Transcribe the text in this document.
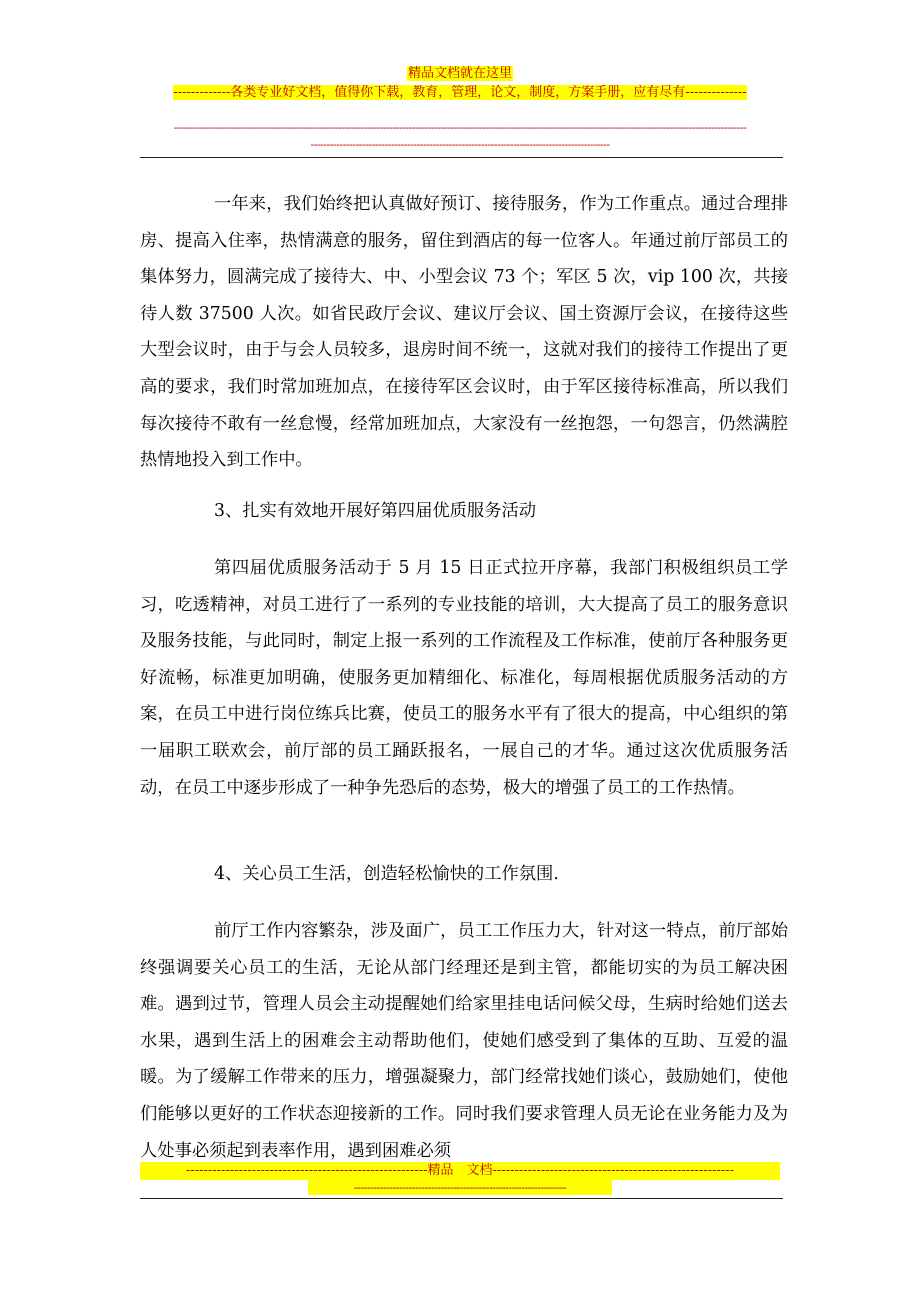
精品文档就在这里
-------------各类专业好文档，值得你下载，教育，管理，论文，制度，方案手册，应有尽有--------------
----------------------------------------------------------------------------------------------------------------------------------------------------------------------------------
---------------------------------------------------------------------------------------------

一年来，我们始终把认真做好预订、接待服务，作为工作重点。通过合理排房、提高入住率，热情满意的服务，留住到酒店的每一位客人。年通过前厅部员工的集体努力，圆满完成了接待大、中、小型会议 73 个；军区 5 次，vip 100 次，共接待人数 37500 人次。如省民政厅会议、建议厅会议、国土资源厅会议，在接待这些大型会议时，由于与会人员较多，退房时间不统一，这就对我们的接待工作提出了更高的要求，我们时常加班加点，在接待军区会议时，由于军区接待标准高，所以我们每次接待不敢有一丝怠慢，经常加班加点，大家没有一丝抱怨，一句怨言，仍然满腔热情地投入到工作中。

3、扎实有效地开展好第四届优质服务活动

第四届优质服务活动于 5 月 15 日正式拉开序幕，我部门积极组织员工学习，吃透精神，对员工进行了一系列的专业技能的培训，大大提高了员工的服务意识及服务技能，与此同时，制定上报一系列的工作流程及工作标准，使前厅各种服务更好流畅，标准更加明确，使服务更加精细化、标准化，每周根据优质服务活动的方案，在员工中进行岗位练兵比赛，使员工的服务水平有了很大的提高，中心组织的第一届职工联欢会，前厅部的员工踊跃报名，一展自己的才华。通过这次优质服务活动，在员工中逐步形成了一种争先恐后的态势，极大的增强了员工的工作热情。

4、关心员工生活，创造轻松愉快的工作氛围.

前厅工作内容繁杂，涉及面广，员工工作压力大，针对这一特点，前厅部始终强调要关心员工的生活，无论从部门经理还是到主管，都能切实的为员工解决困难。遇到过节，管理人员会主动提醒她们给家里挂电话问候父母，生病时给她们送去水果，遇到生活上的困难会主动帮助他们，使她们感受到了集体的互助、互爱的温暖。为了缓解工作带来的压力，增强凝聚力，部门经常找她们谈心，鼓励她们，使他们能够以更好的工作状态迎接新的工作。同时我们要求管理人员无论在业务能力及为人处事必须起到表率作用，遇到困难必须

-------------------------------------------------------精品　文档-------------------------------------------------------
------------------------------------------------------------------
